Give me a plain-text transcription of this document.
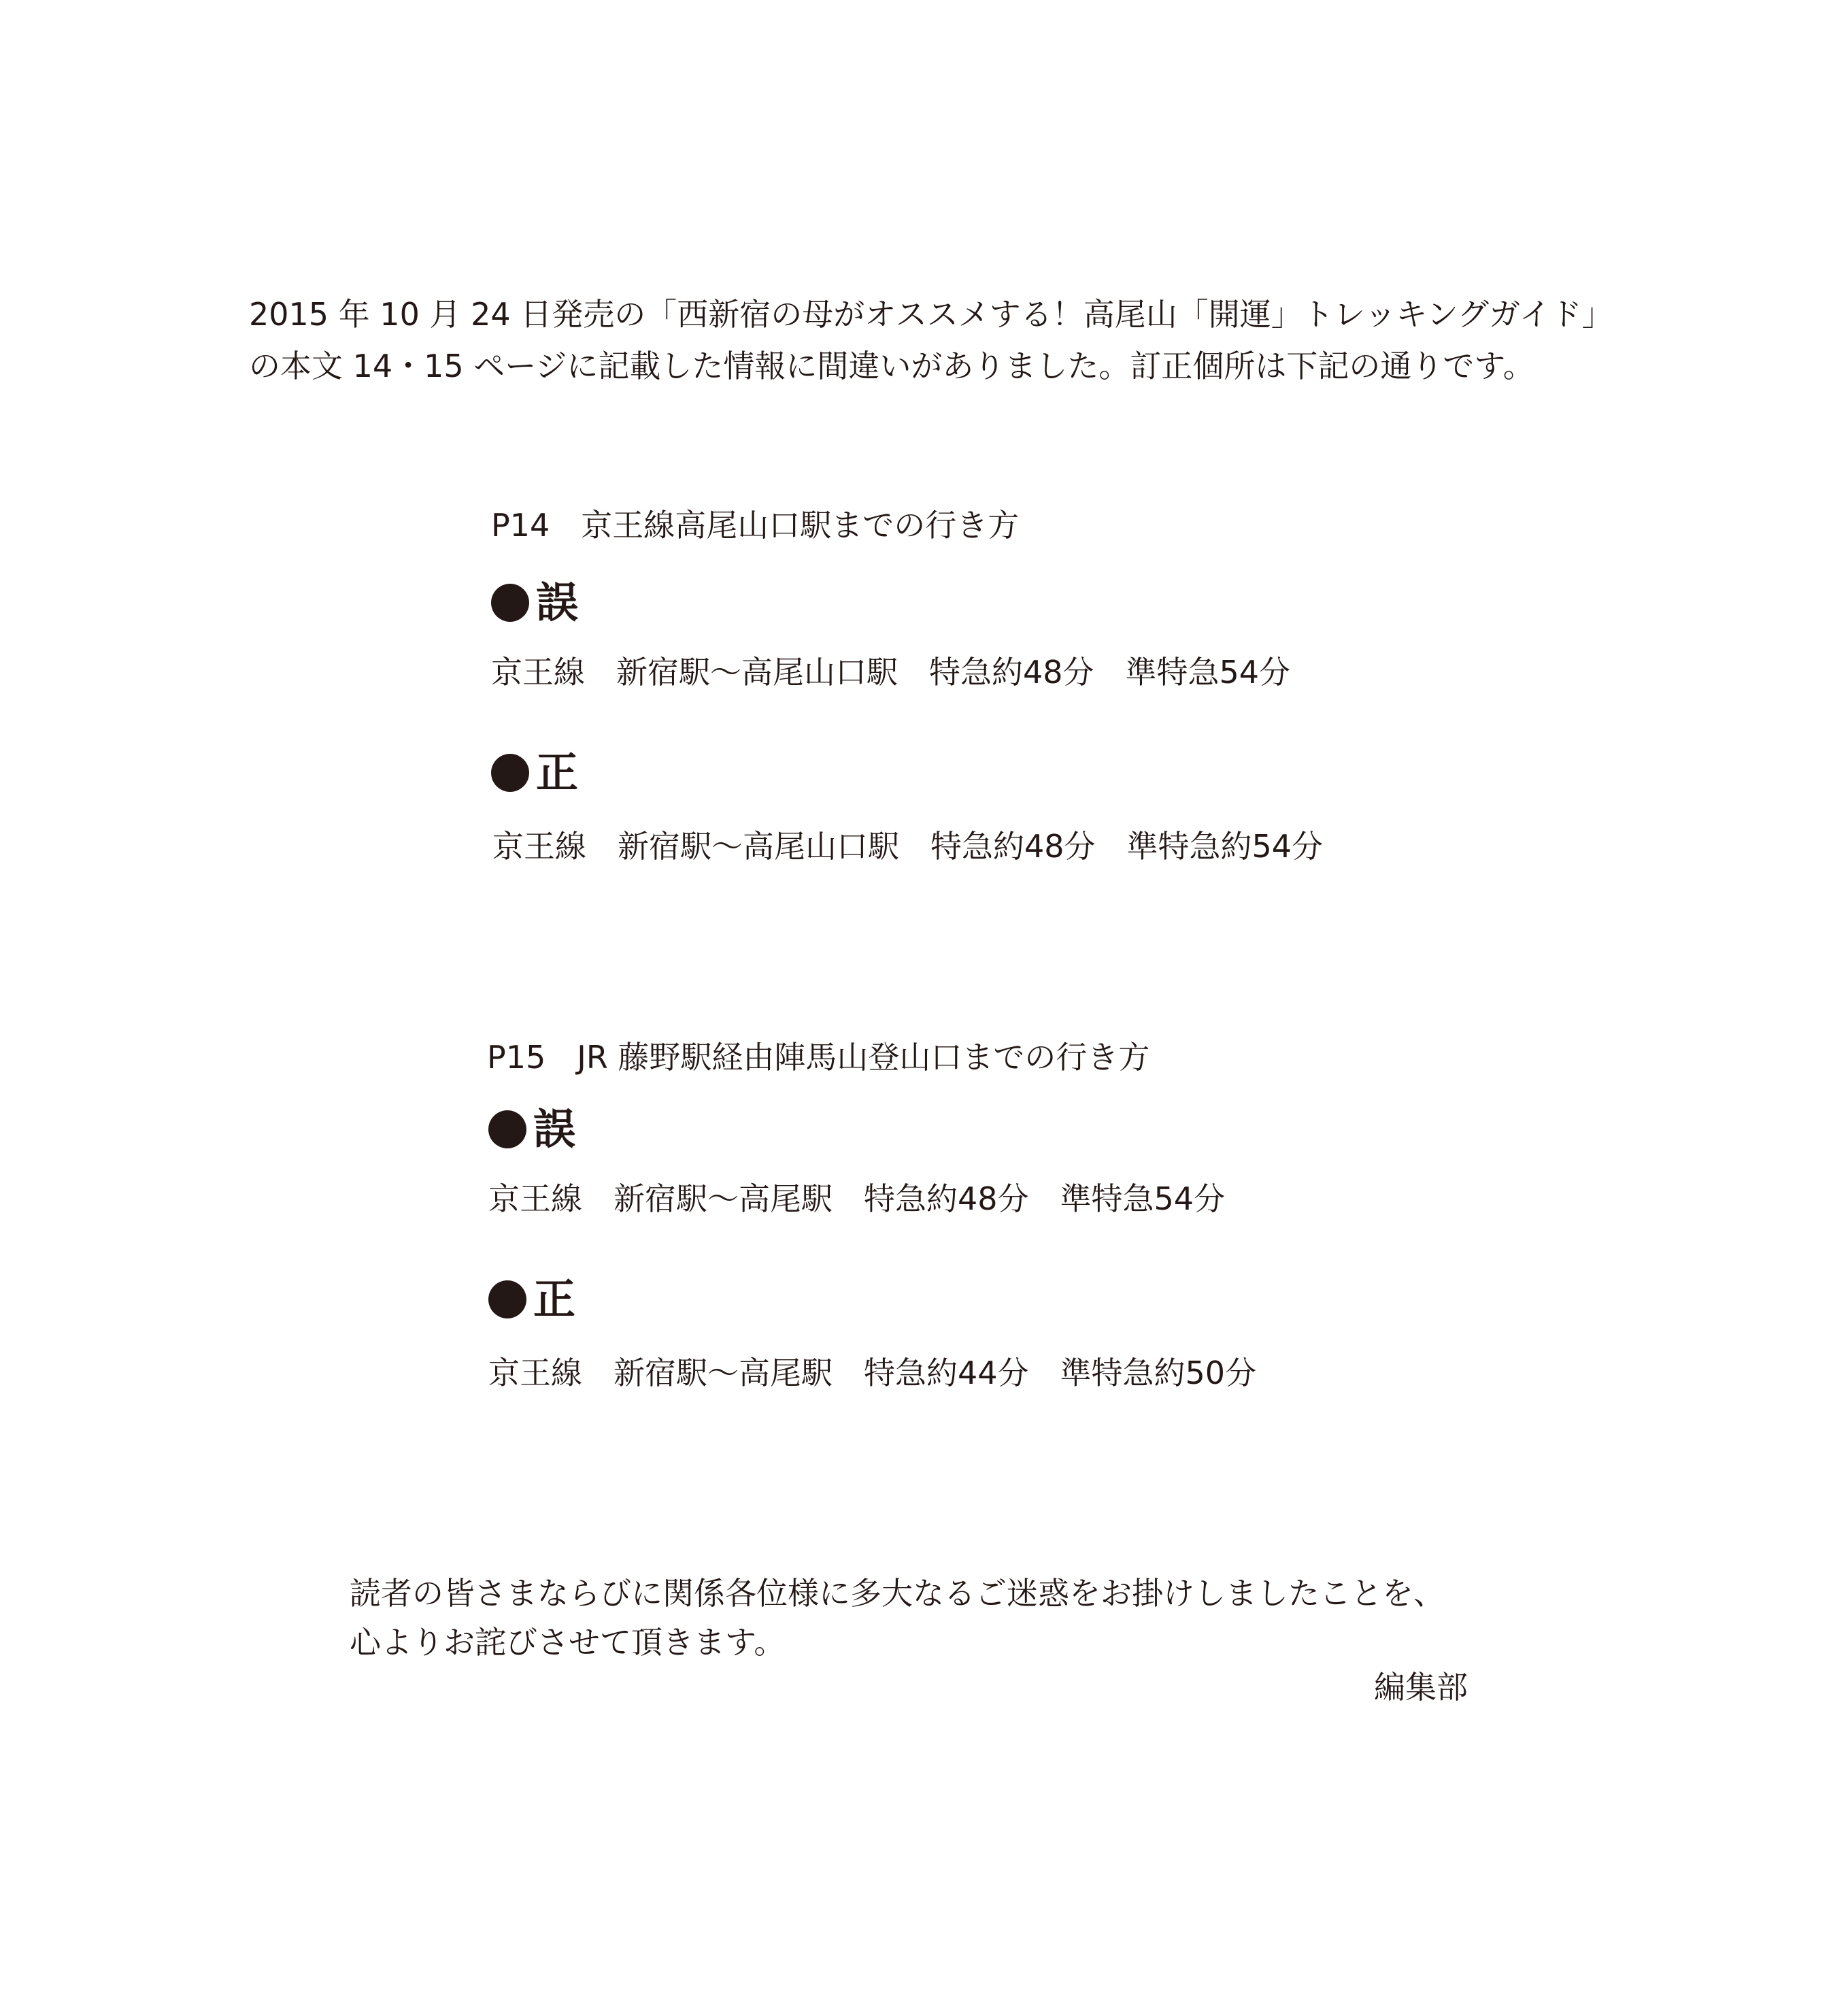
2015 年 10 月 24 日発売の「西新宿の母がオススメする！高尾山「開運」トレッキングガイド」

の本文 14・15 ページに記載した情報に間違いがありました。訂正個所は下記の通りです。

P14　京王線高尾山口駅までの行き方

誤

京王線　新宿駅〜高尾山口駅　特急約48分　準特急54分

正

京王線　新宿駅〜高尾山口駅　特急約48分　準特急約54分

P15　JR 藤野駅経由陣馬山登山口までの行き方

誤

京王線　新宿駅〜高尾駅　特急約48分　準特急54分

正

京王線　新宿駅〜高尾駅　特急約44分　準特急約50分

読者の皆さまならびに関係各位様に多大なるご迷惑をお掛けしましたことを、

心よりお詫びさせて頂きます。

編集部
